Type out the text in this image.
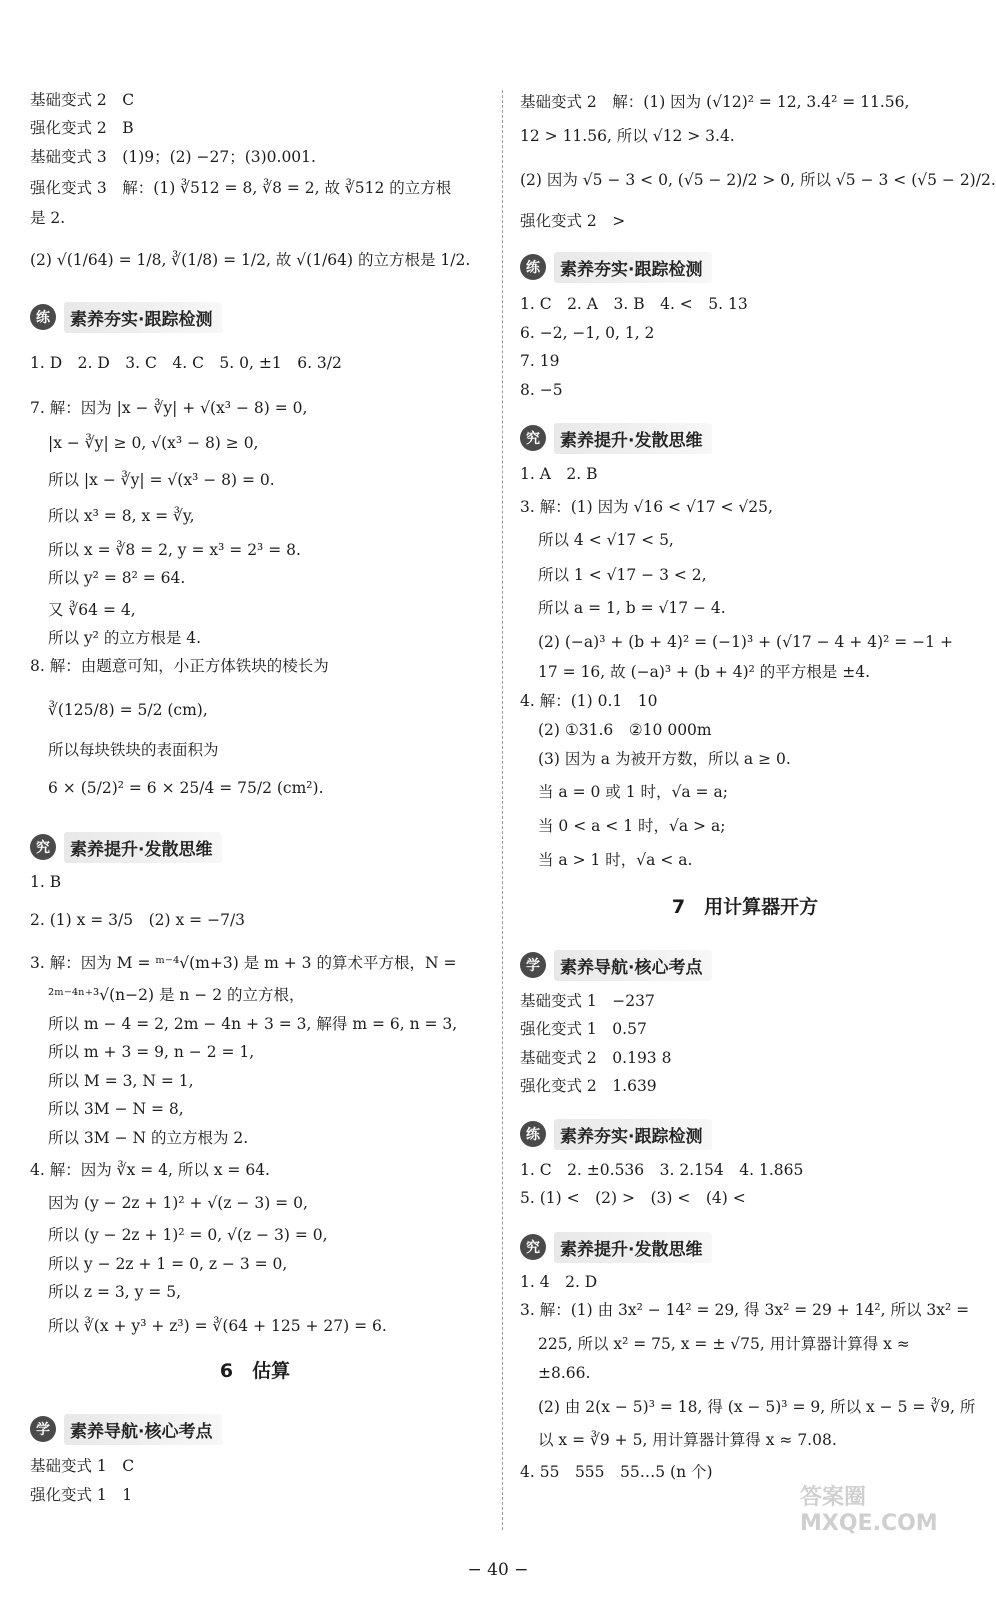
基础变式 2　C
强化变式 2　B
基础变式 3　(1)9；(2) −27；(3)0.001.
强化变式 3　解：(1) ∛512 = 8, ∛8 = 2, 故 ∛512 的立方根
是 2.
(2) √(1/64) = 1/8, ∛(1/8) = 1/2, 故 √(1/64) 的立方根是 1/2.
练	素养夯实·跟踪检测
1. D　2. D　3. C　4. C　5. 0, ±1　6. 3/2
7. 解：因为 |x − ∛y| + √(x³ − 8) = 0,
|x − ∛y| ≥ 0, √(x³ − 8) ≥ 0,
所以 |x − ∛y| = √(x³ − 8) = 0.
所以 x³ = 8, x = ∛y,
所以 x = ∛8 = 2, y = x³ = 2³ = 8.
所以 y² = 8² = 64.
又 ∛64 = 4,
所以 y² 的立方根是 4.
8. 解：由题意可知，小正方体铁块的棱长为
∛(125/8) = 5/2 (cm),
所以每块铁块的表面积为
6 × (5/2)² = 6 × 25/4 = 75/2 (cm²).
究	素养提升·发散思维
1. B
2. (1) x = 3/5　(2) x = −7/3
3. 解：因为 M = ᵐ⁻⁴√(m+3) 是 m + 3 的算术平方根，N =
²ᵐ⁻⁴ⁿ⁺³√(n−2) 是 n − 2 的立方根，
所以 m − 4 = 2, 2m − 4n + 3 = 3, 解得 m = 6, n = 3,
所以 m + 3 = 9, n − 2 = 1,
所以 M = 3, N = 1,
所以 3M − N = 8,
所以 3M − N 的立方根为 2.
4. 解：因为 ∛x = 4, 所以 x = 64.
因为 (y − 2z + 1)² + √(z − 3) = 0,
所以 (y − 2z + 1)² = 0, √(z − 3) = 0,
所以 y − 2z + 1 = 0, z − 3 = 0,
所以 z = 3, y = 5,
所以 ∛(x + y³ + z³) = ∛(64 + 125 + 27) = 6.
6　估算
学	素养导航·核心考点
基础变式 1　C
强化变式 1　1
基础变式 2　解：(1) 因为 (√12)² = 12, 3.4² = 11.56,
12 > 11.56, 所以 √12 > 3.4.
(2) 因为 √5 − 3 < 0, (√5 − 2)/2 > 0, 所以 √5 − 3 < (√5 − 2)/2.
强化变式 2　>
练	素养夯实·跟踪检测
1. C　2. A　3. B　4. <　5. 13
6. −2, −1, 0, 1, 2
7. 19
8. −5
究	素养提升·发散思维
1. A　2. B
3. 解：(1) 因为 √16 < √17 < √25,
所以 4 < √17 < 5,
所以 1 < √17 − 3 < 2,
所以 a = 1, b = √17 − 4.
(2) (−a)³ + (b + 4)² = (−1)³ + (√17 − 4 + 4)² = −1 +
17 = 16, 故 (−a)³ + (b + 4)² 的平方根是 ±4.
4. 解：(1) 0.1　10
(2) ①31.6　②10 000m
(3) 因为 a 为被开方数，所以 a ≥ 0.
当 a = 0 或 1 时，√a = a;
当 0 < a < 1 时，√a > a;
当 a > 1 时，√a < a.
7　用计算器开方
学	素养导航·核心考点
基础变式 1　−237
强化变式 1　0.57
基础变式 2　0.193 8
强化变式 2　1.639
练	素养夯实·跟踪检测
1. C　2. ±0.536　3. 2.154　4. 1.865
5. (1) <　(2) >　(3) <　(4) <
究	素养提升·发散思维
1. 4　2. D
3. 解：(1) 由 3x² − 14² = 29, 得 3x² = 29 + 14², 所以 3x² =
225, 所以 x² = 75, x = ± √75, 用计算器计算得 x ≈
±8.66.
(2) 由 2(x − 5)³ = 18, 得 (x − 5)³ = 9, 所以 x − 5 = ∛9, 所
以 x = ∛9 + 5, 用计算器计算得 x ≈ 7.08.
4. 55　555　55…5 (n 个)
− 40 −
答案圈 MXQE.COM
